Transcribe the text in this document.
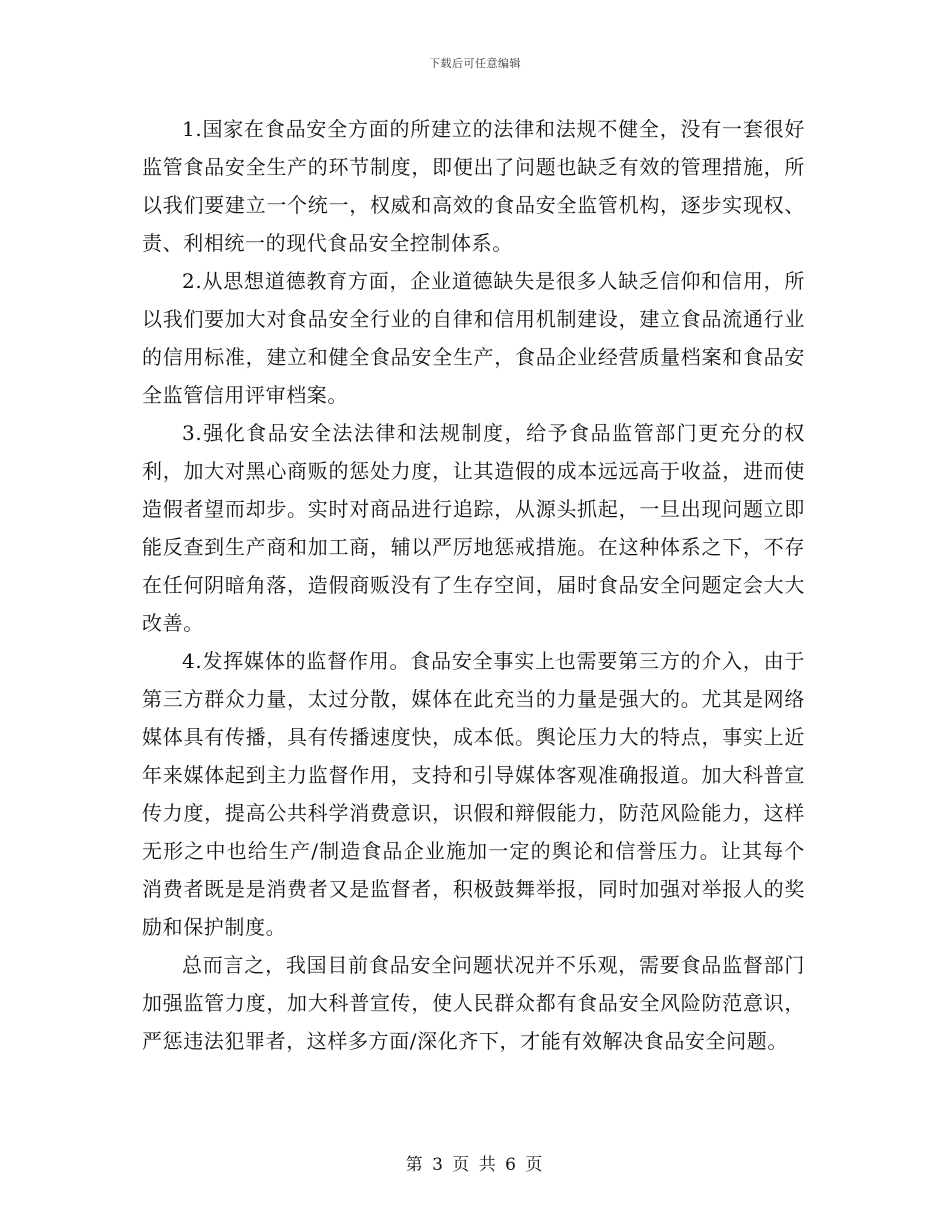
下载后可任意编辑

1.国家在食品安全方面的所建立的法律和法规不健全，没有一套很好监管食品安全生产的环节制度，即便出了问题也缺乏有效的管理措施，所以我们要建立一个统一，权威和高效的食品安全监管机构，逐步实现权、责、利相统一的现代食品安全控制体系。

2.从思想道德教育方面，企业道德缺失是很多人缺乏信仰和信用，所以我们要加大对食品安全行业的自律和信用机制建设，建立食品流通行业的信用标准，建立和健全食品安全生产，食品企业经营质量档案和食品安全监管信用评审档案。

3.强化食品安全法法律和法规制度，给予食品监管部门更充分的权利，加大对黑心商贩的惩处力度，让其造假的成本远远高于收益，进而使造假者望而却步。实时对商品进行追踪，从源头抓起，一旦出现问题立即能反查到生产商和加工商，辅以严厉地惩戒措施。在这种体系之下，不存在任何阴暗角落，造假商贩没有了生存空间，届时食品安全问题定会大大改善。

4.发挥媒体的监督作用。食品安全事实上也需要第三方的介入，由于第三方群众力量，太过分散，媒体在此充当的力量是强大的。尤其是网络媒体具有传播，具有传播速度快，成本低。舆论压力大的特点，事实上近年来媒体起到主力监督作用，支持和引导媒体客观准确报道。加大科普宣传力度，提高公共科学消费意识，识假和辩假能力，防范风险能力，这样无形之中也给生产/制造食品企业施加一定的舆论和信誉压力。让其每个消费者既是是消费者又是监督者，积极鼓舞举报，同时加强对举报人的奖励和保护制度。

总而言之，我国目前食品安全问题状况并不乐观，需要食品监督部门加强监管力度，加大科普宣传，使人民群众都有食品安全风险防范意识，严惩违法犯罪者，这样多方面/深化齐下，才能有效解决食品安全问题。

第 3 页 共 6 页
